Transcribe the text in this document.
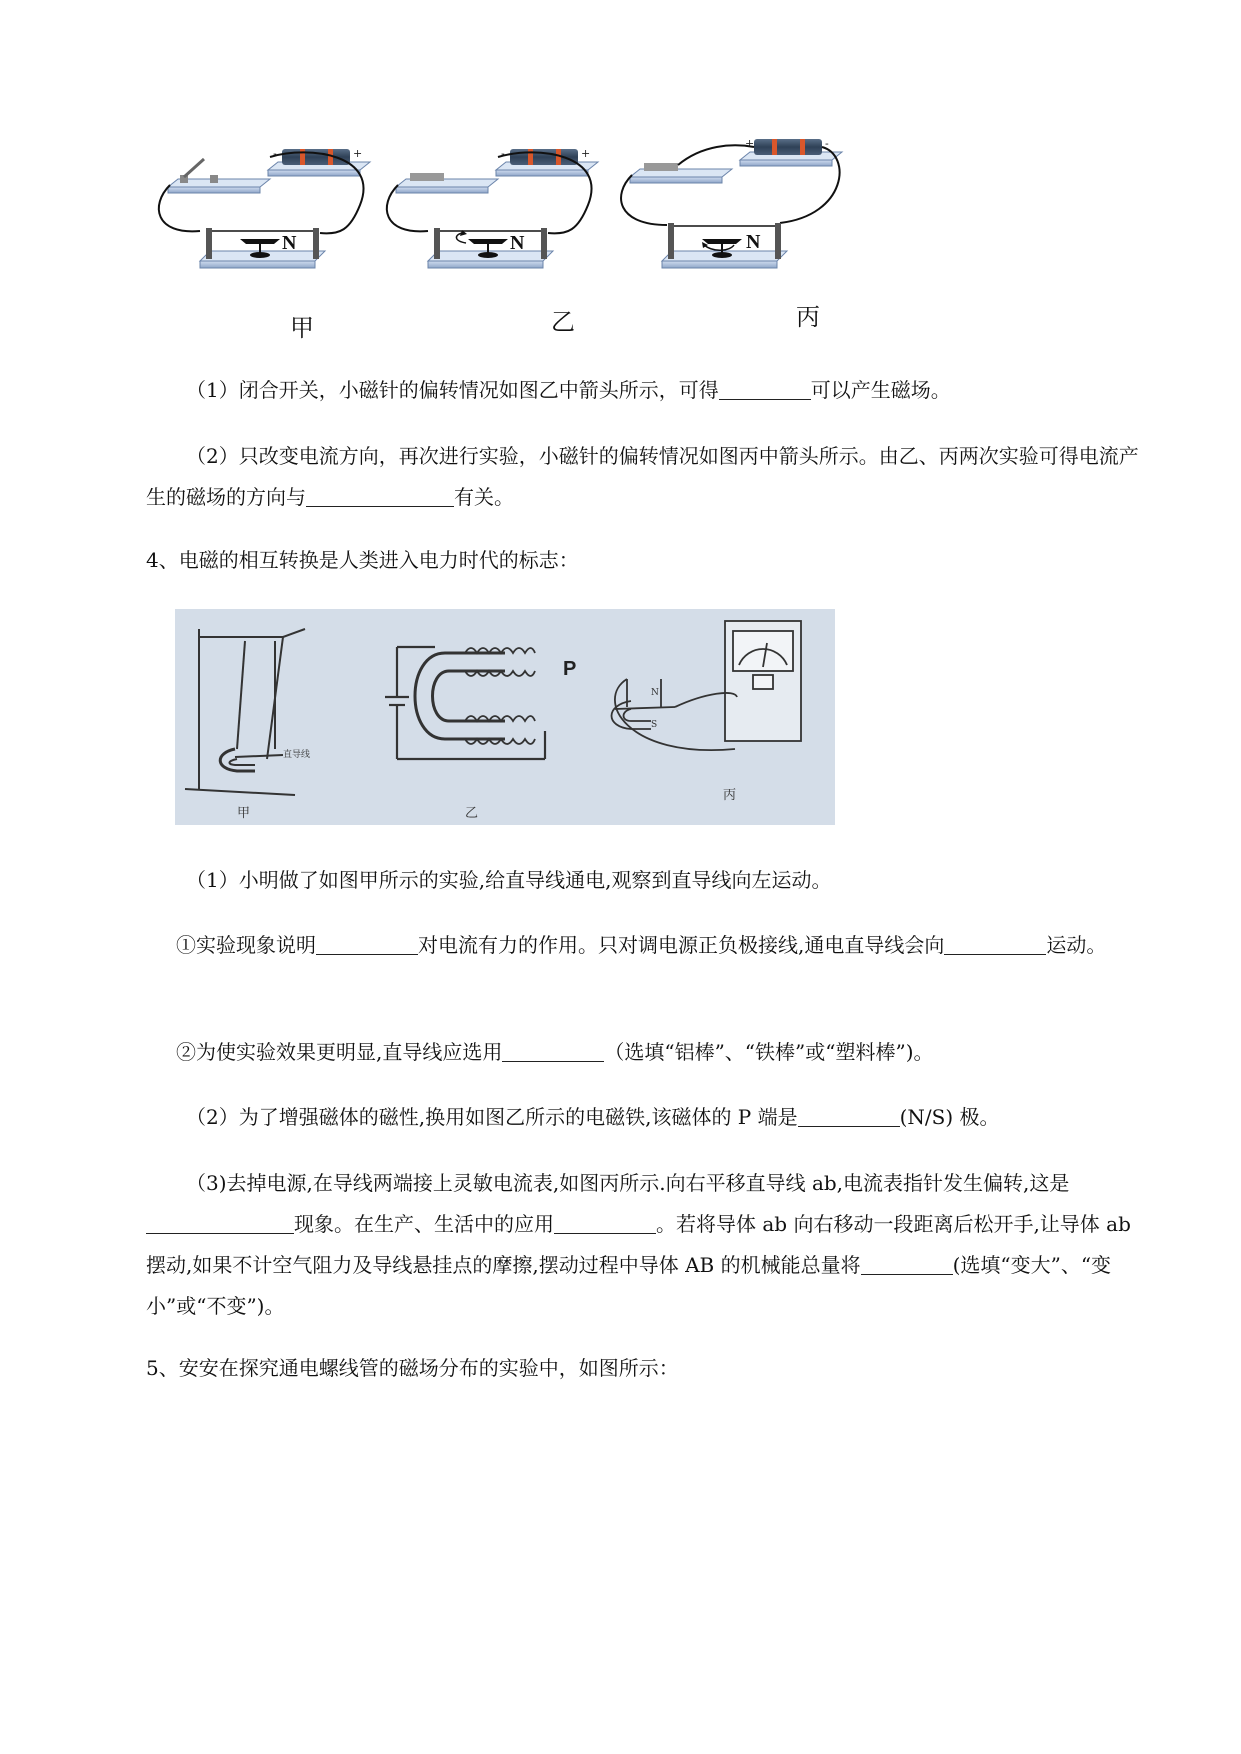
-	+
N
-	+
N
+	-
N
甲	乙	丙
（1）闭合开关，小磁针的偏转情况如图乙中箭头所示，可得	可以产生磁场。
（2）只改变电流方向，再次进行实验，小磁针的偏转情况如图丙中箭头所示。由乙、丙两次实验可得电流产生的磁场的方向与	有关。
4、电磁的相互转换是人类进入电力时代的标志：
直导线
甲
P
乙
N
S
丙
（1）小明做了如图甲所示的实验,给直导线通电,观察到直导线向左运动。
①实验现象说明	对电流有力的作用。只对调电源正负极接线,通电直导线会向	运动。
②为使实验效果更明显,直导线应选用	（选填“铝棒”、“铁棒”或“塑料棒”)。
（2）为了增强磁体的磁性,换用如图乙所示的电磁铁,该磁体的 P 端是	(N/S) 极。
（3)去掉电源,在导线两端接上灵敏电流表,如图丙所示.向右平移直导线 ab,电流表指针发生偏转,这是现象。在生产、生活中的应用	。若将导体 ab 向右移动一段距离后松开手,让导体 ab 摆动,如果不计空气阻力及导线悬挂点的摩擦,摆动过程中导体 AB 的机械能总量将	(选填“变大”、“变小”或“不变”)。
5、安安在探究通电螺线管的磁场分布的实验中，如图所示：
